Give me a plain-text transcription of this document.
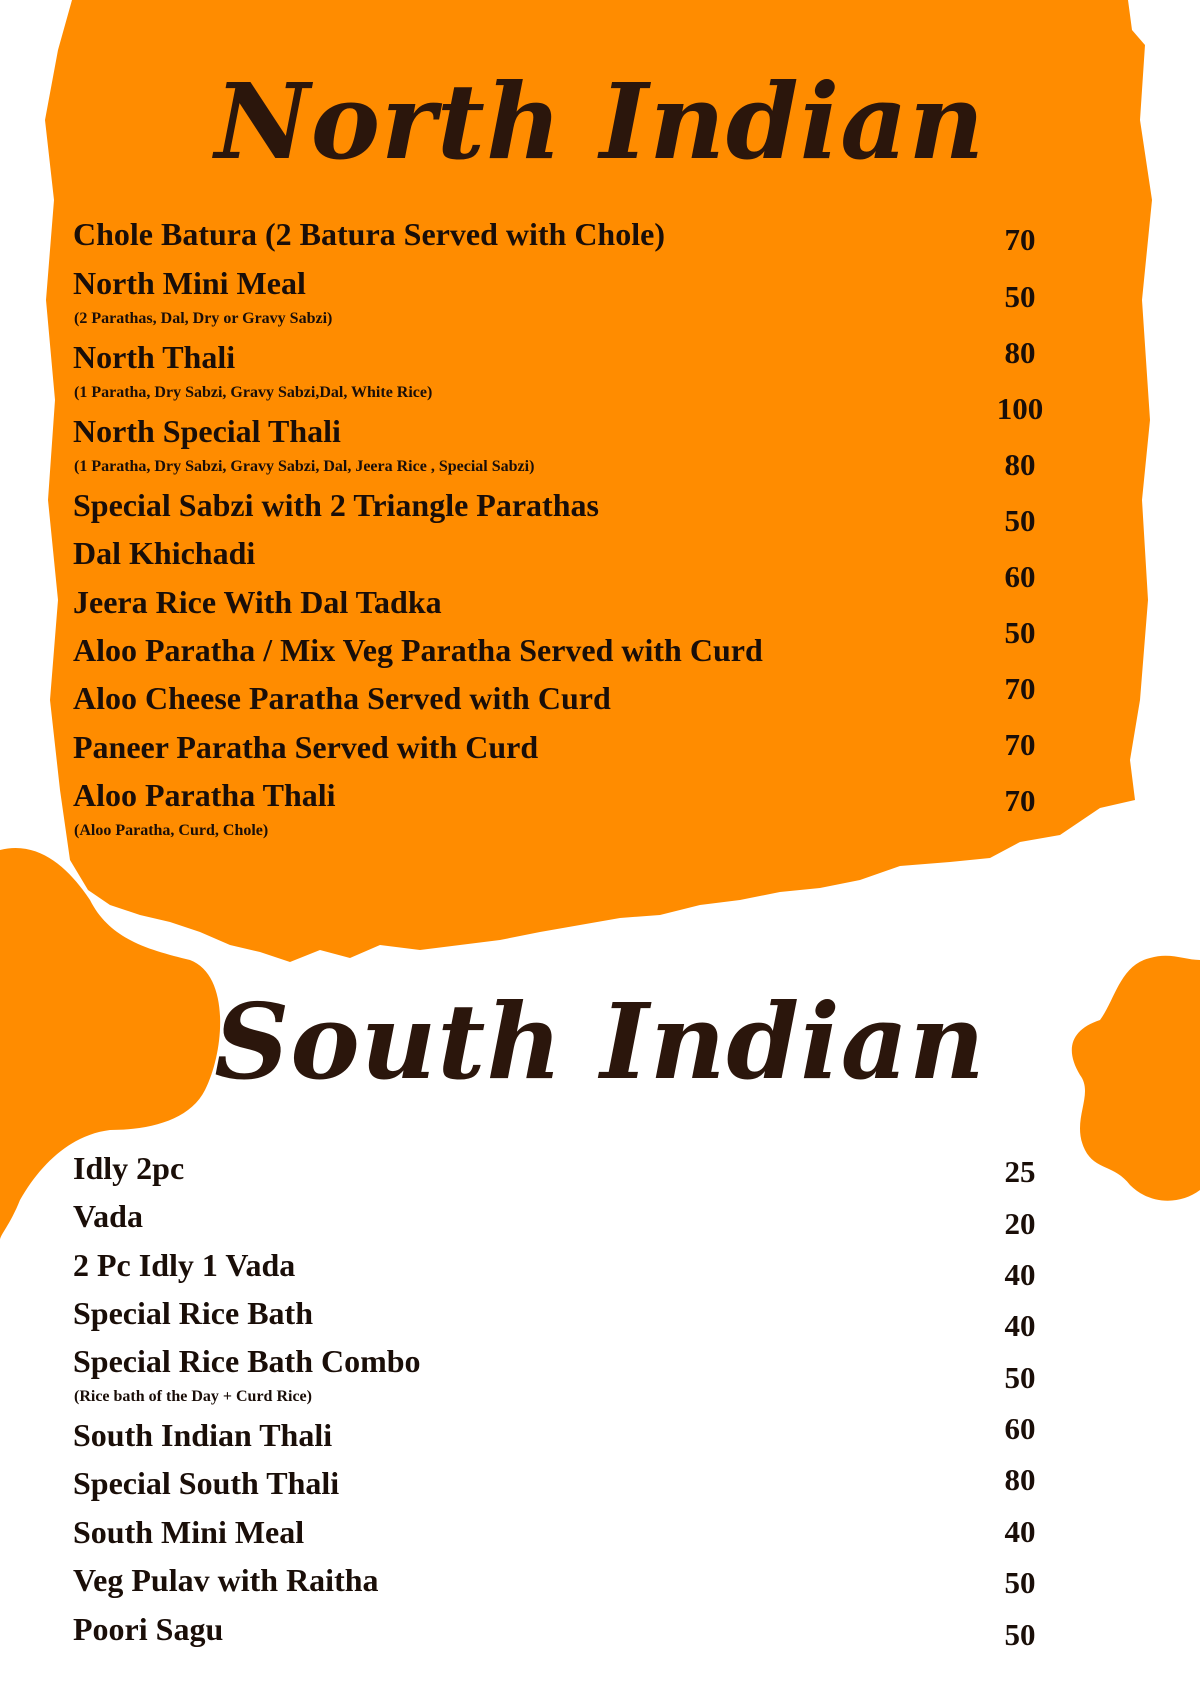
North Indian
South Indian
Chole Batura (2 Batura Served with Chole)
North Mini Meal
(2 Parathas, Dal, Dry or Gravy Sabzi)
North Thali
(1 Paratha, Dry Sabzi, Gravy Sabzi,Dal, White Rice)
North Special Thali
(1 Paratha, Dry Sabzi, Gravy Sabzi, Dal, Jeera Rice , Special Sabzi)
Special Sabzi with 2 Triangle Parathas
Dal Khichadi
Jeera Rice With Dal Tadka
Aloo Paratha / Mix Veg Paratha Served with Curd
Aloo Cheese Paratha Served with Curd
Paneer Paratha Served with Curd
Aloo Paratha Thali
(Aloo Paratha, Curd, Chole)
70
50
80
100
80
50
60
50
70
70
70
Idly 2pc
Vada
2 Pc Idly 1 Vada
Special Rice Bath
Special Rice Bath Combo
(Rice bath of the Day + Curd Rice)
South Indian Thali
Special South Thali
South Mini Meal
Veg Pulav with Raitha
Poori Sagu
25
20
40
40
50
60
80
40
50
50
